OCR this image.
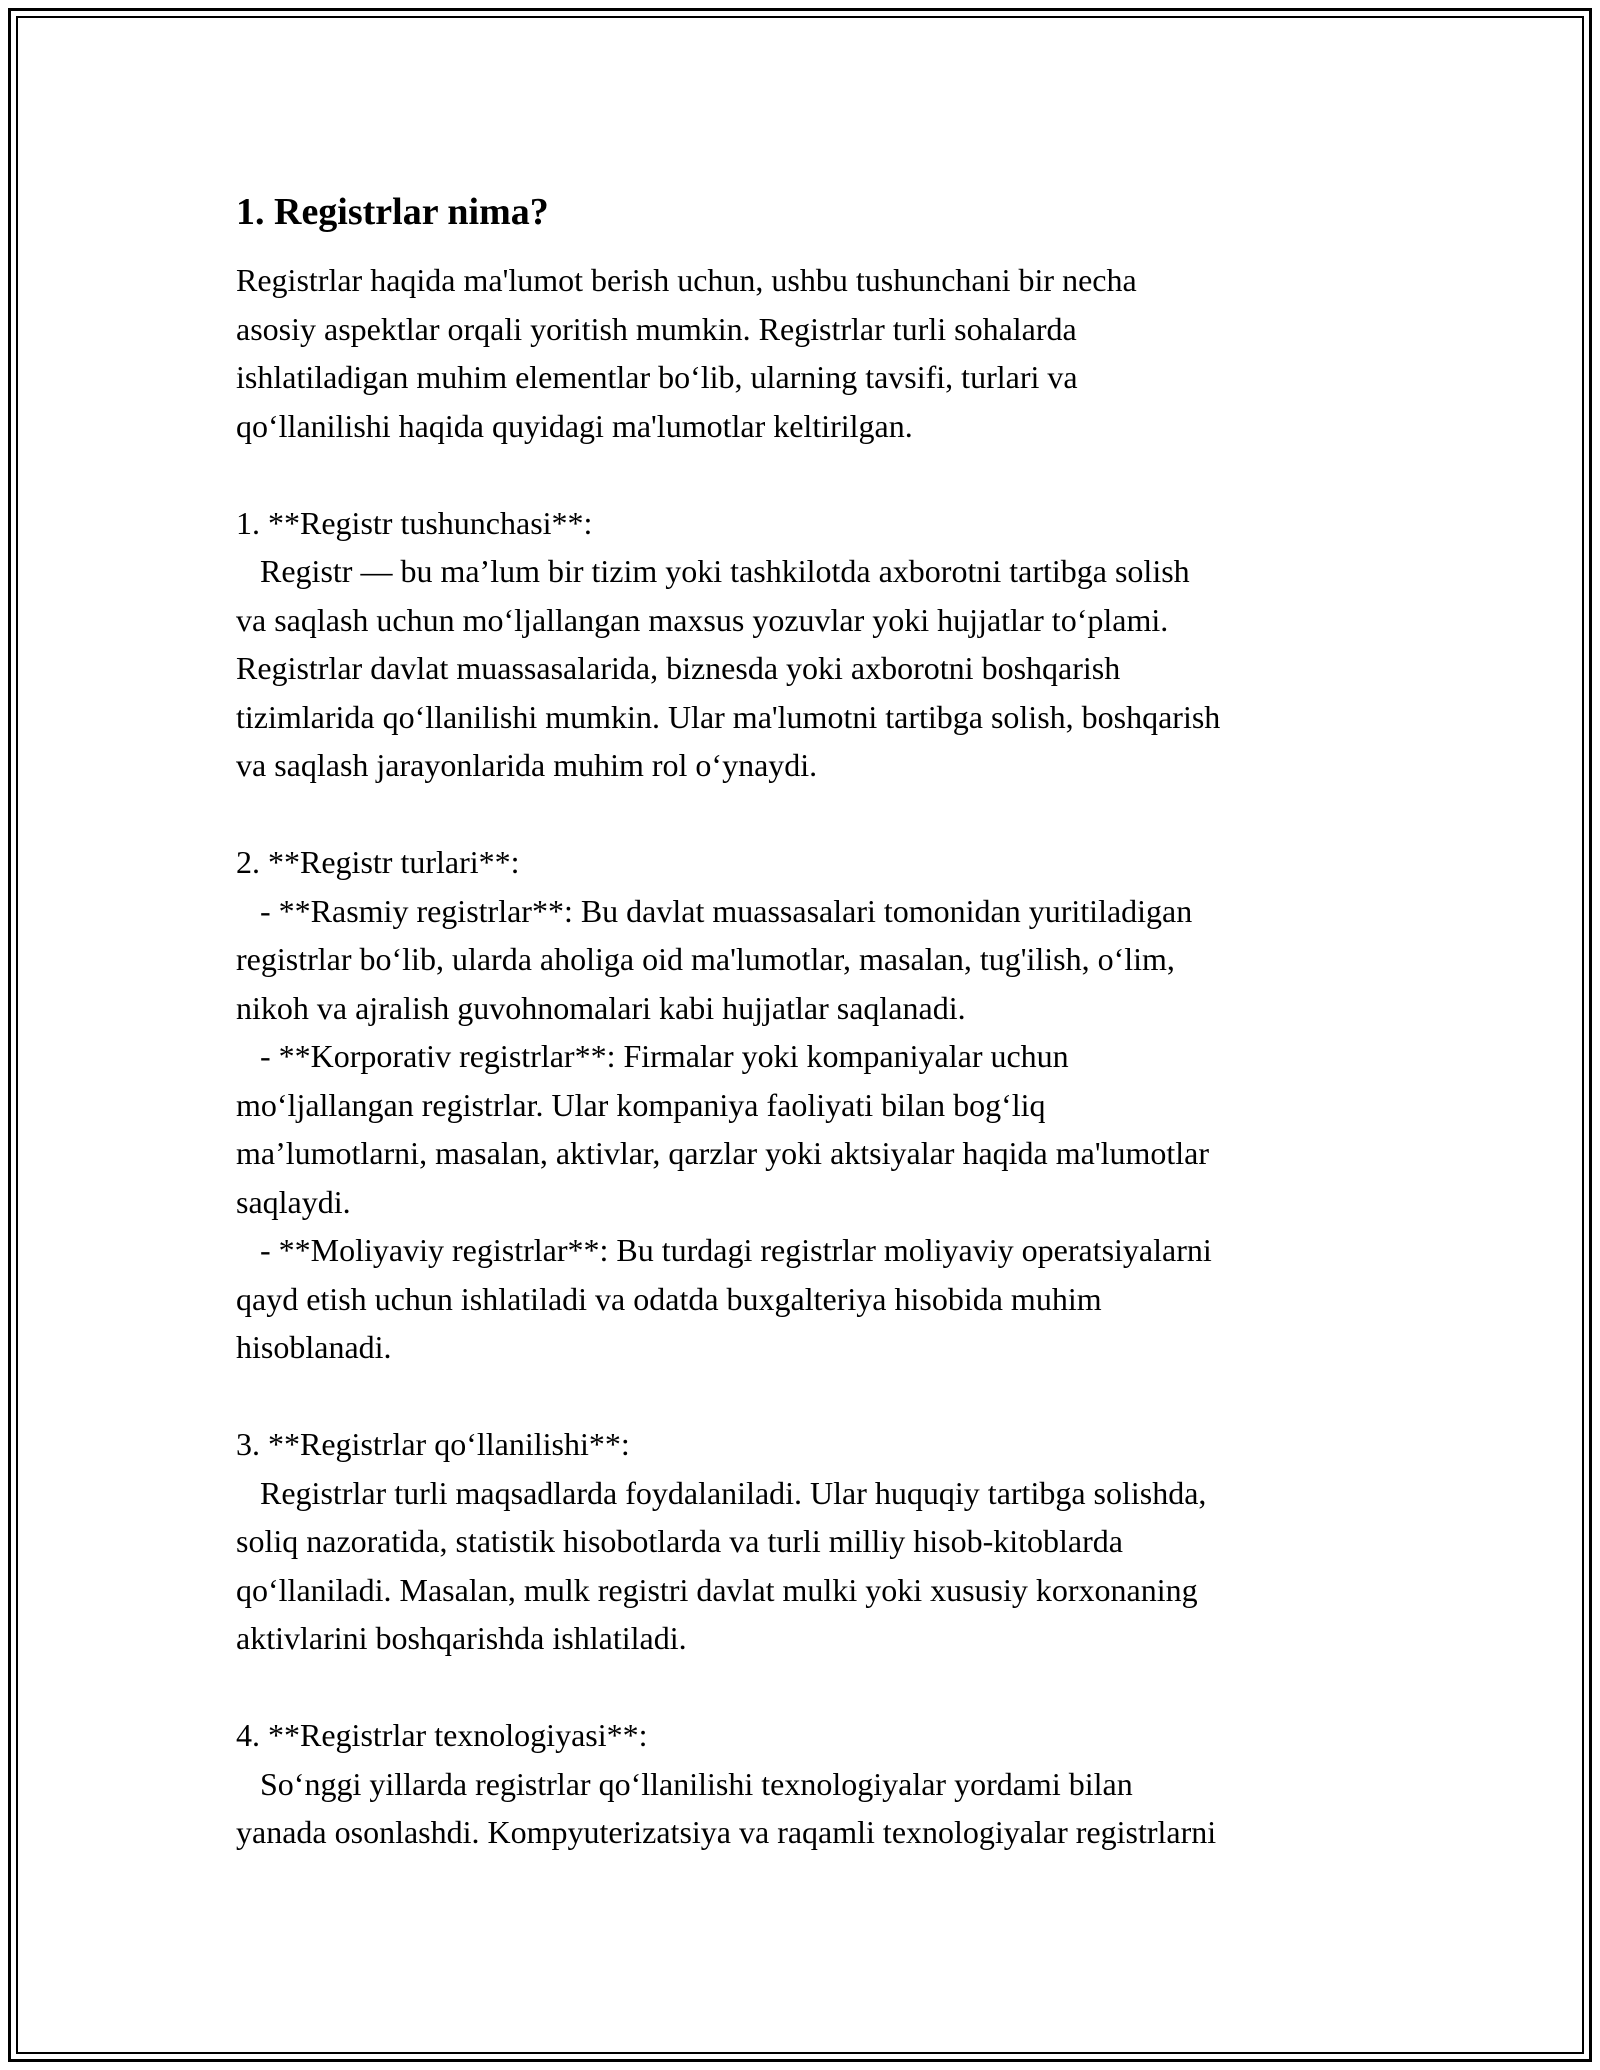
1. Registrlar nima?
Registrlar haqida ma'lumot berish uchun, ushbu tushunchani bir necha
asosiy aspektlar orqali yoritish mumkin. Registrlar turli sohalarda
ishlatiladigan muhim elementlar bo‘lib, ularning tavsifi, turlari va
qo‘llanilishi haqida quyidagi ma'lumotlar keltirilgan.
1. **Registr tushunchasi**:
Registr — bu ma’lum bir tizim yoki tashkilotda axborotni tartibga solish
va saqlash uchun mo‘ljallangan maxsus yozuvlar yoki hujjatlar to‘plami.
Registrlar davlat muassasalarida, biznesda yoki axborotni boshqarish
tizimlarida qo‘llanilishi mumkin. Ular ma'lumotni tartibga solish, boshqarish
va saqlash jarayonlarida muhim rol o‘ynaydi.
2. **Registr turlari**:
- **Rasmiy registrlar**: Bu davlat muassasalari tomonidan yuritiladigan
registrlar bo‘lib, ularda aholiga oid ma'lumotlar, masalan, tug'ilish, o‘lim,
nikoh va ajralish guvohnomalari kabi hujjatlar saqlanadi.
- **Korporativ registrlar**: Firmalar yoki kompaniyalar uchun
mo‘ljallangan registrlar. Ular kompaniya faoliyati bilan bog‘liq
ma’lumotlarni, masalan, aktivlar, qarzlar yoki aktsiyalar haqida ma'lumotlar
saqlaydi.
- **Moliyaviy registrlar**: Bu turdagi registrlar moliyaviy operatsiyalarni
qayd etish uchun ishlatiladi va odatda buxgalteriya hisobida muhim
hisoblanadi.
3. **Registrlar qo‘llanilishi**:
Registrlar turli maqsadlarda foydalaniladi. Ular huquqiy tartibga solishda,
soliq nazoratida, statistik hisobotlarda va turli milliy hisob-kitoblarda
qo‘llaniladi. Masalan, mulk registri davlat mulki yoki xususiy korxonaning
aktivlarini boshqarishda ishlatiladi.
4. **Registrlar texnologiyasi**:
So‘nggi yillarda registrlar qo‘llanilishi texnologiyalar yordami bilan
yanada osonlashdi. Kompyuterizatsiya va raqamli texnologiyalar registrlarni
